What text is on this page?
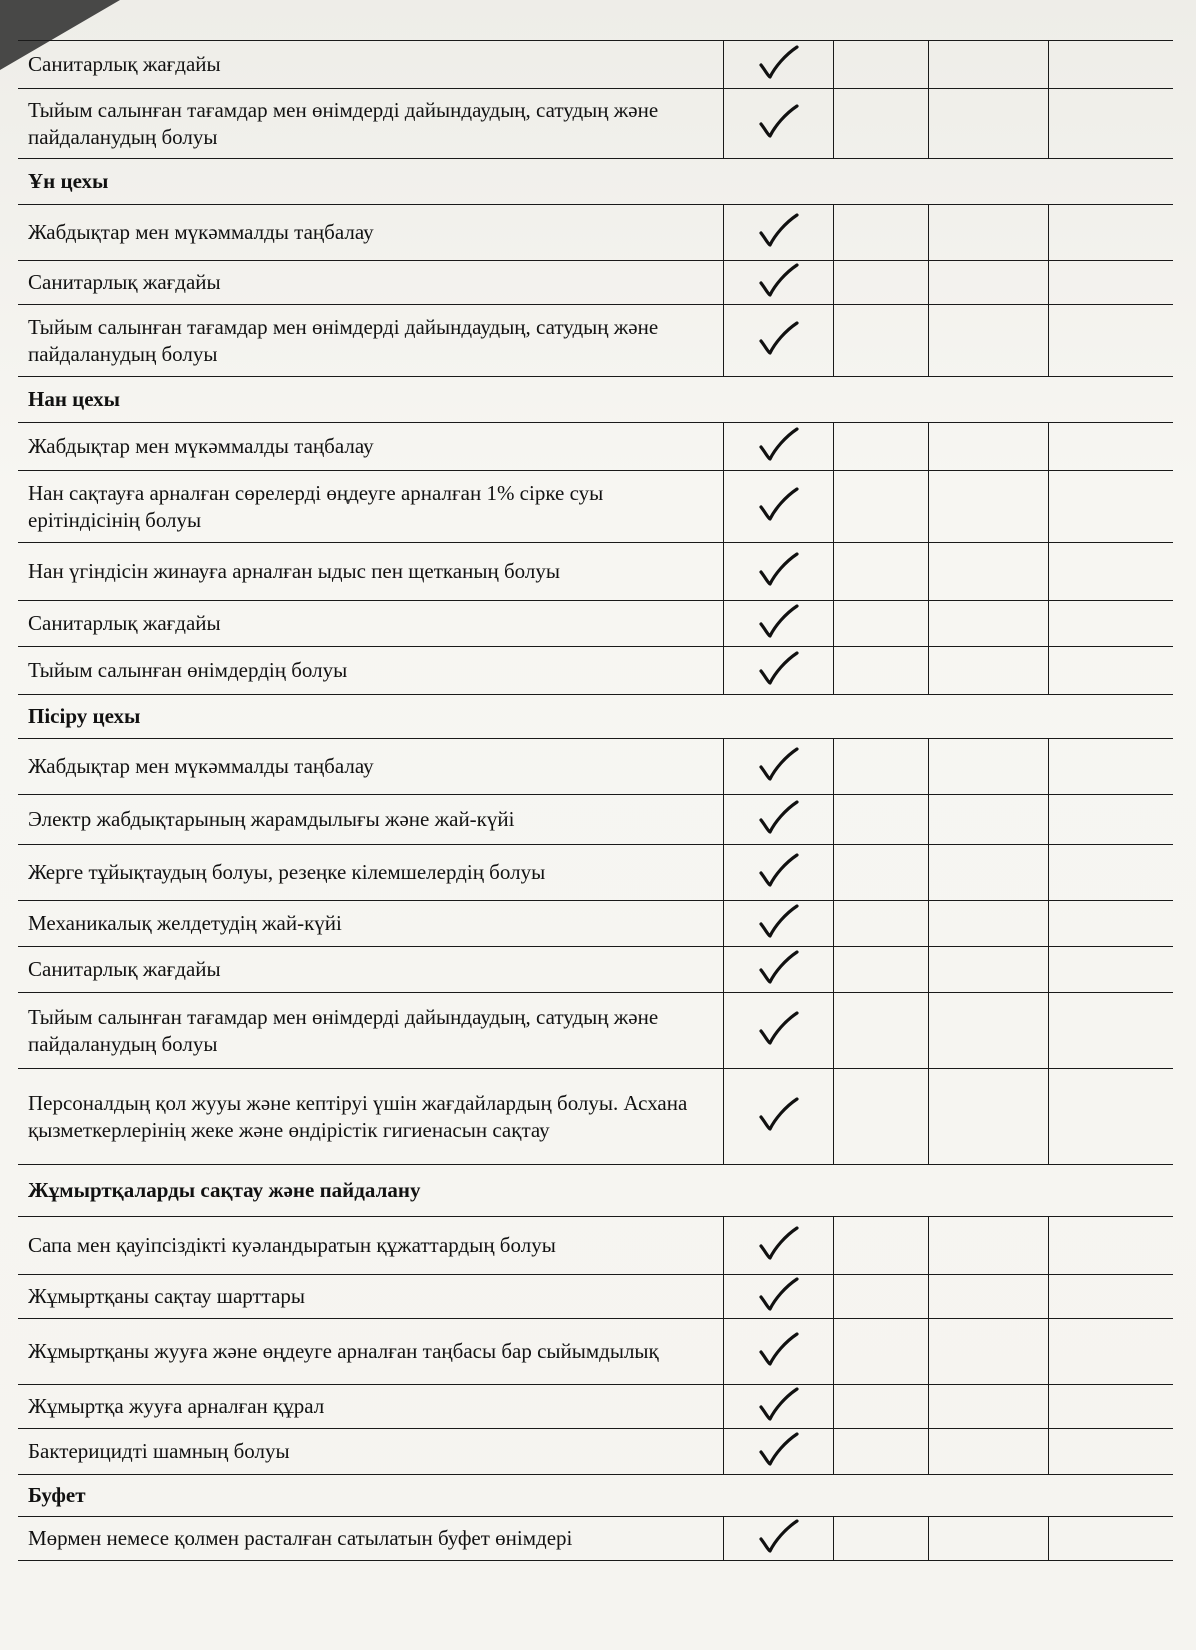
Санитарлық жағдайы				
Тыйым салынған тағамдар мен өнімдерді дайындаудың, сатудың және пайдаланудың болуы				
Ұн цехы				
Жабдықтар мен мүкәммалды таңбалау				
Санитарлық жағдайы				
Тыйым салынған тағамдар мен өнімдерді дайындаудың, сатудың және пайдаланудың болуы				
Нан цехы				
Жабдықтар мен мүкәммалды таңбалау				
Нан сақтауға арналған сөрелерді өңдеуге арналған 1% сірке суы ерітіндісінің болуы				
Нан үгіндісін жинауға арналған ыдыс пен щетканың болуы				
Санитарлық жағдайы				
Тыйым салынған өнімдердің болуы				
Пісіру цехы				
Жабдықтар мен мүкәммалды таңбалау				
Электр жабдықтарының жарамдылығы және жай-күйі				
Жерге тұйықтаудың болуы, резеңке кілемшелердің болуы				
Механикалық желдетудің жай-күйі				
Санитарлық жағдайы				
Тыйым салынған тағамдар мен өнімдерді дайындаудың, сатудың және пайдаланудың болуы				
Персоналдың қол жууы және кептіруі үшін жағдайлардың болуы. Асхана қызметкерлерінің жеке және өндірістік гигиенасын сақтау				
Жұмыртқаларды сақтау және пайдалану				
Сапа мен қауіпсіздікті куәландыратын құжаттардың болуы				
Жұмыртқаны сақтау шарттары				
Жұмыртқаны жууға және өңдеуге арналған таңбасы бар сыйымдылық				
Жұмыртқа жууға арналған құрал				
Бактерицидті шамның болуы				
Буфет				
Мөрмен немесе қолмен расталған сатылатын буфет өнімдері				
